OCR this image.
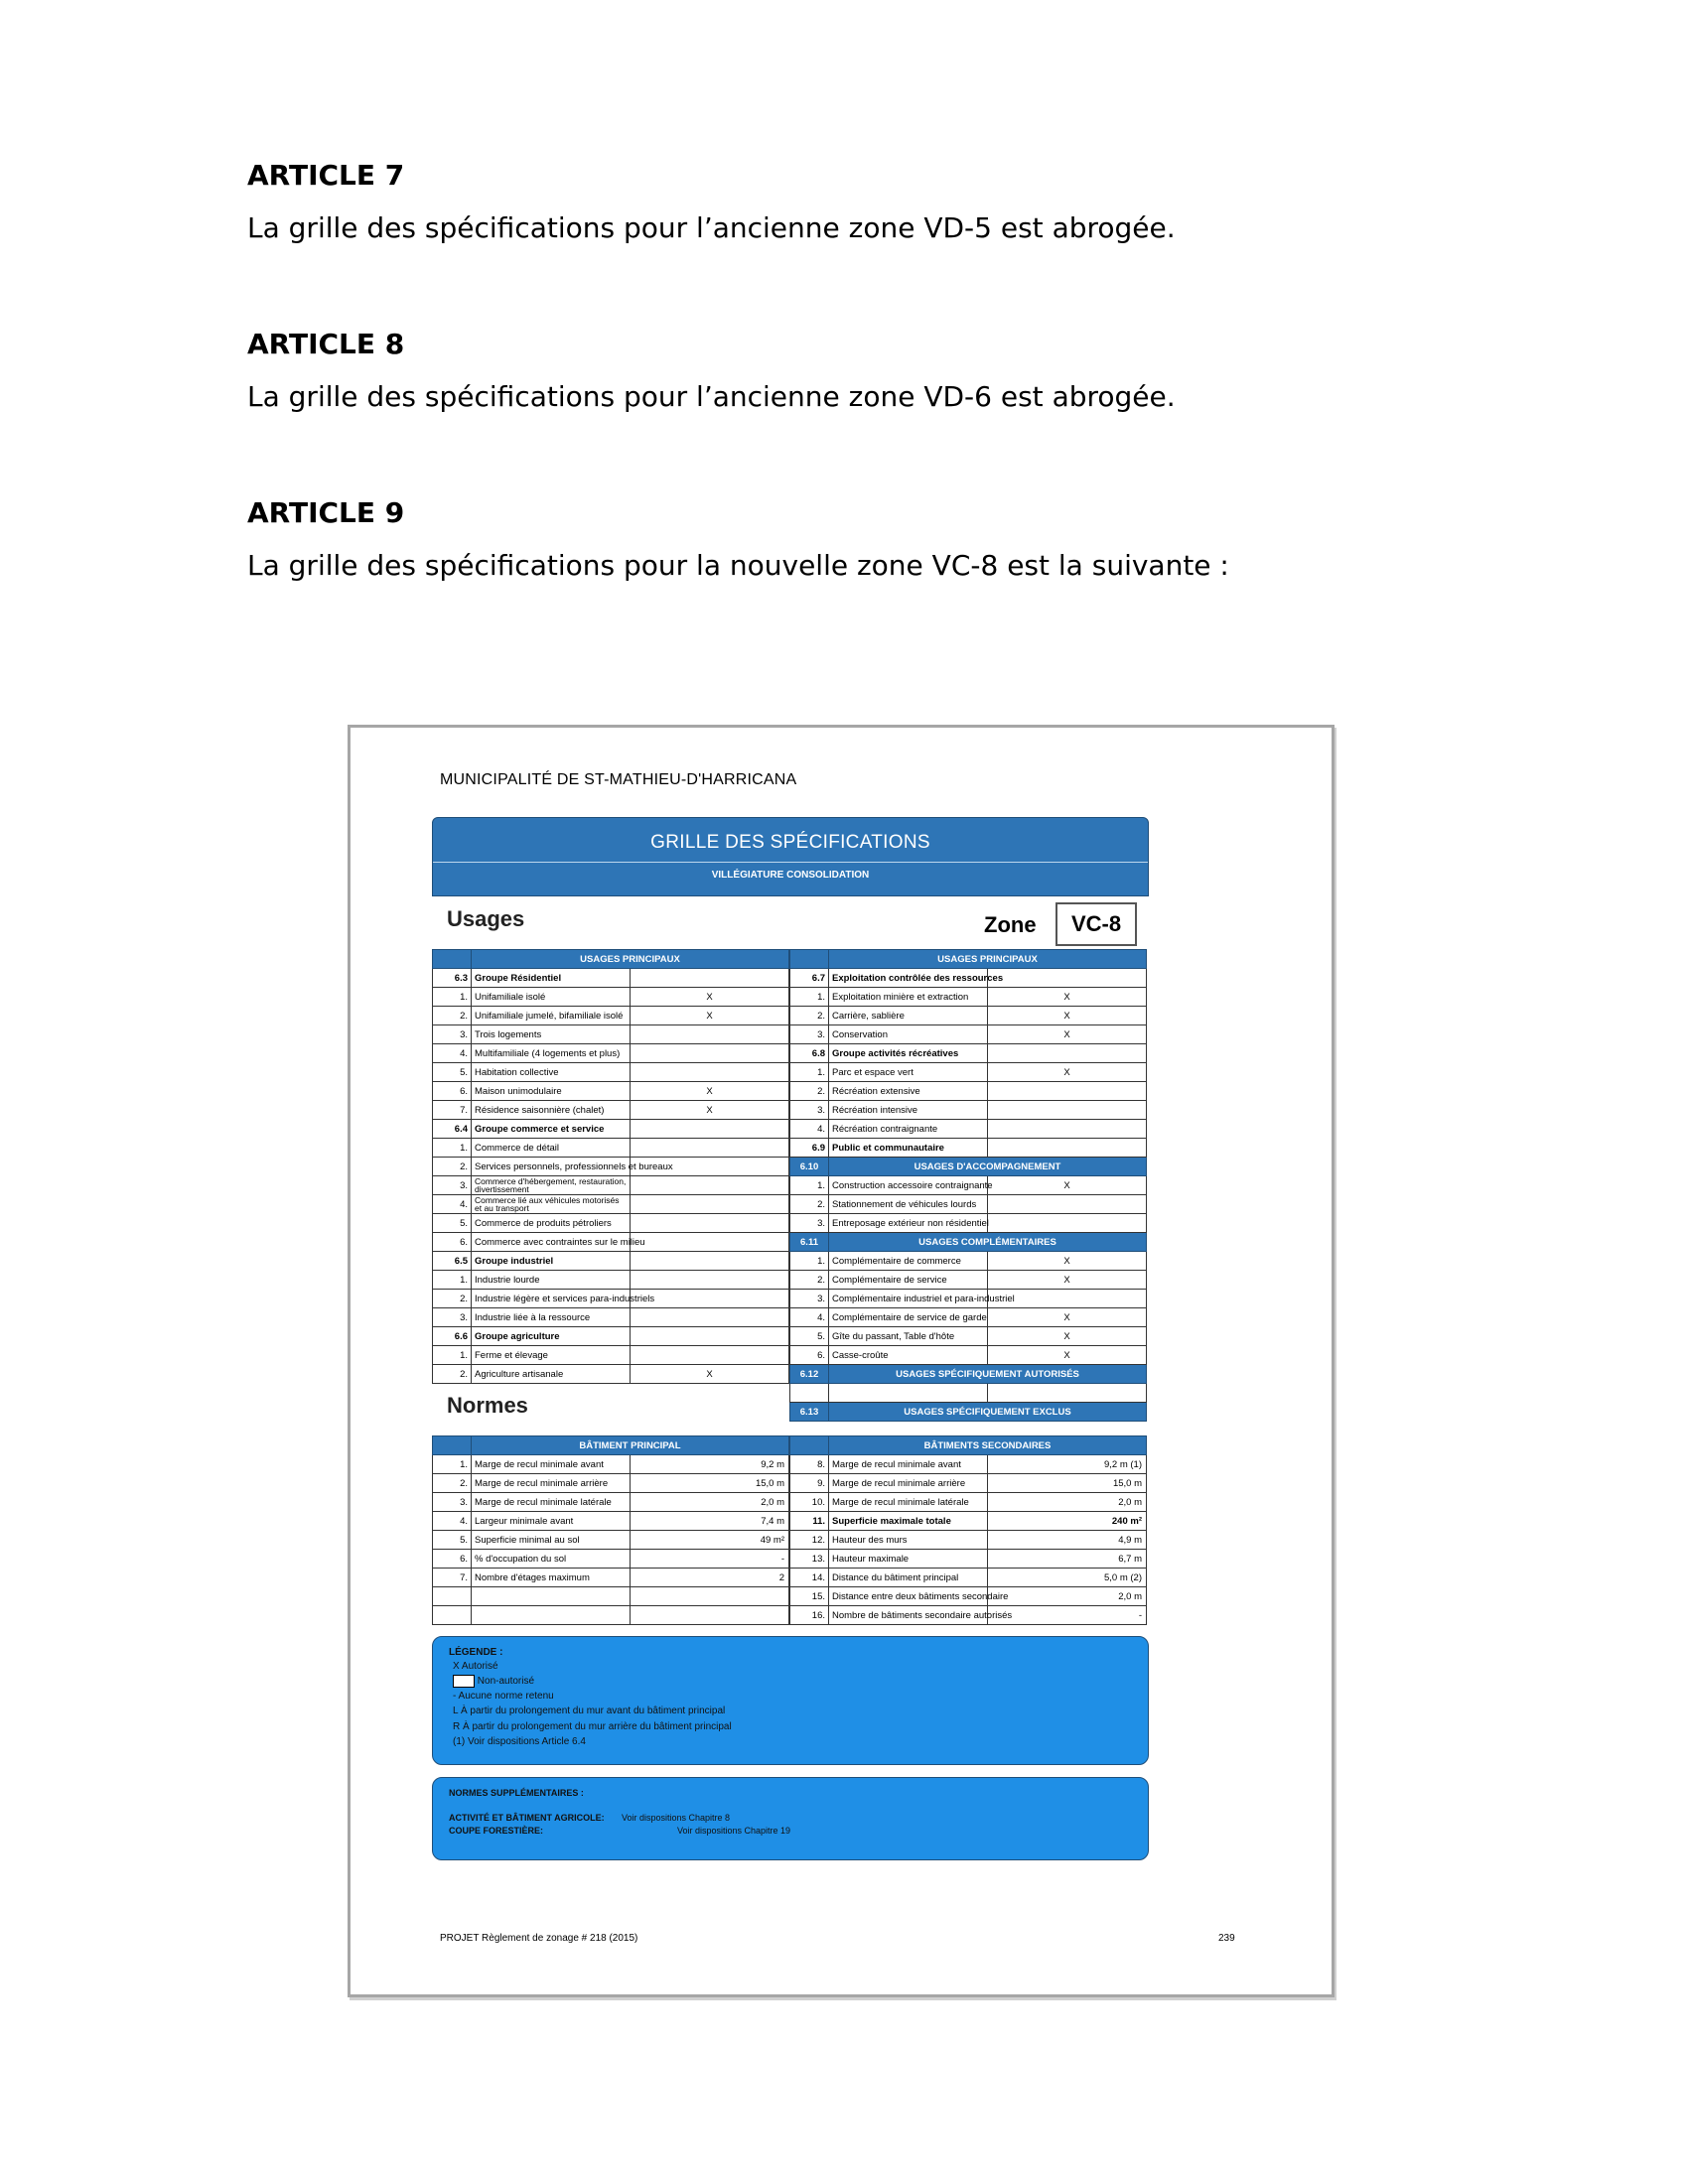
ARTICLE 7
La grille des spécifications pour l’ancienne zone VD-5 est abrogée.
ARTICLE 8
La grille des spécifications pour l’ancienne zone VD-6 est abrogée.
ARTICLE 9
La grille des spécifications pour la nouvelle zone VC-8 est la suivante :
MUNICIPALITÉ DE ST-MATHIEU-D'HARRICANA
GRILLE DES SPÉCIFICATIONS
VILLÉGIATURE CONSOLIDATION
Usages	Zone	VC-8
	USAGES PRINCIPAUX	
6.3	Groupe Résidentiel	
1.	Unifamiliale isolé	X
2.	Unifamiliale jumelé, bifamiliale isolé	X
3.	Trois logements	
4.	Multifamiliale (4 logements et plus)	
5.	Habitation collective	
6.	Maison unimodulaire	X
7.	Résidence saisonnière (chalet)	X
6.4	Groupe commerce et service	
1.	Commerce de détail	
2.	Services personnels, professionnels et bureaux	
3.	Commerce d'hébergement, restauration, divertissement	
4.	Commerce lié aux véhicules motorisés et au transport	
5.	Commerce de produits pétroliers	
6.	Commerce avec contraintes sur le milieu	
6.5	Groupe industriel	
1.	Industrie lourde	
2.	Industrie légère et services para-industriels	
3.	Industrie liée à la ressource	
6.6	Groupe agriculture	
1.	Ferme et élevage	
2.	Agriculture artisanale	X
	USAGES PRINCIPAUX	
6.7	Exploitation contrôlée des ressources	
1.	Exploitation minière et extraction	X
2.	Carrière, sablière	X
3.	Conservation	X
6.8	Groupe activités récréatives	
1.	Parc et espace vert	X
2.	Récréation extensive	
3.	Récréation intensive	
4.	Récréation contraignante	
6.9	Public et communautaire	
6.10	USAGES D'ACCOMPAGNEMENT	
1.	Construction accessoire contraignante	X
2.	Stationnement de véhicules lourds	
3.	Entreposage extérieur non résidentiel	
6.11	USAGES COMPLÉMENTAIRES	
1.	Complémentaire de commerce	X
2.	Complémentaire de service	X
3.	Complémentaire industriel et para-industriel	
4.	Complémentaire de service de garde	X
5.	Gîte du passant, Table d'hôte	X
6.	Casse-croûte	X
6.12	USAGES SPÉCIFIQUEMENT AUTORISÉS	

6.13	USAGES SPÉCIFIQUEMENT EXCLUS	
Normes
	BÂTIMENT PRINCIPAL	
1.	Marge de recul minimale avant	9,2 m
2.	Marge de recul minimale arrière	15,0 m
3.	Marge de recul minimale latérale	2,0 m
4.	Largeur minimale avant	7,4 m
5.	Superficie minimal au sol	49 m²
6.	% d'occupation du sol	-
7.	Nombre d'étages maximum	2

	BÂTIMENTS SECONDAIRES	
8.	Marge de recul minimale avant	9,2 m (1)
9.	Marge de recul minimale arrière	15,0 m
10.	Marge de recul minimale latérale	2,0 m
11.	Superficie maximale totale	240 m²
12.	Hauteur des murs	4,9 m
13.	Hauteur maximale	6,7 m
14.	Distance du bâtiment principal	5,0 m (2)
15.	Distance entre deux bâtiments secondaire	2,0 m
16.	Nombre de bâtiments secondaire autorisés	-
LÉGENDE :
X Autorisé
Non-autorisé
- Aucune norme retenu
L À partir du prolongement du mur avant du bâtiment principal
R À partir du prolongement du mur arrière du bâtiment principal
(1) Voir dispositions Article 6.4
NORMES SUPPLÉMENTAIRES :
ACTIVITÉ ET BÂTIMENT AGRICOLE: Voir dispositions Chapitre 8
COUPE FORESTIÈRE:	Voir dispositions Chapitre 19
PROJET Règlement de zonage # 218 (2015)	239
